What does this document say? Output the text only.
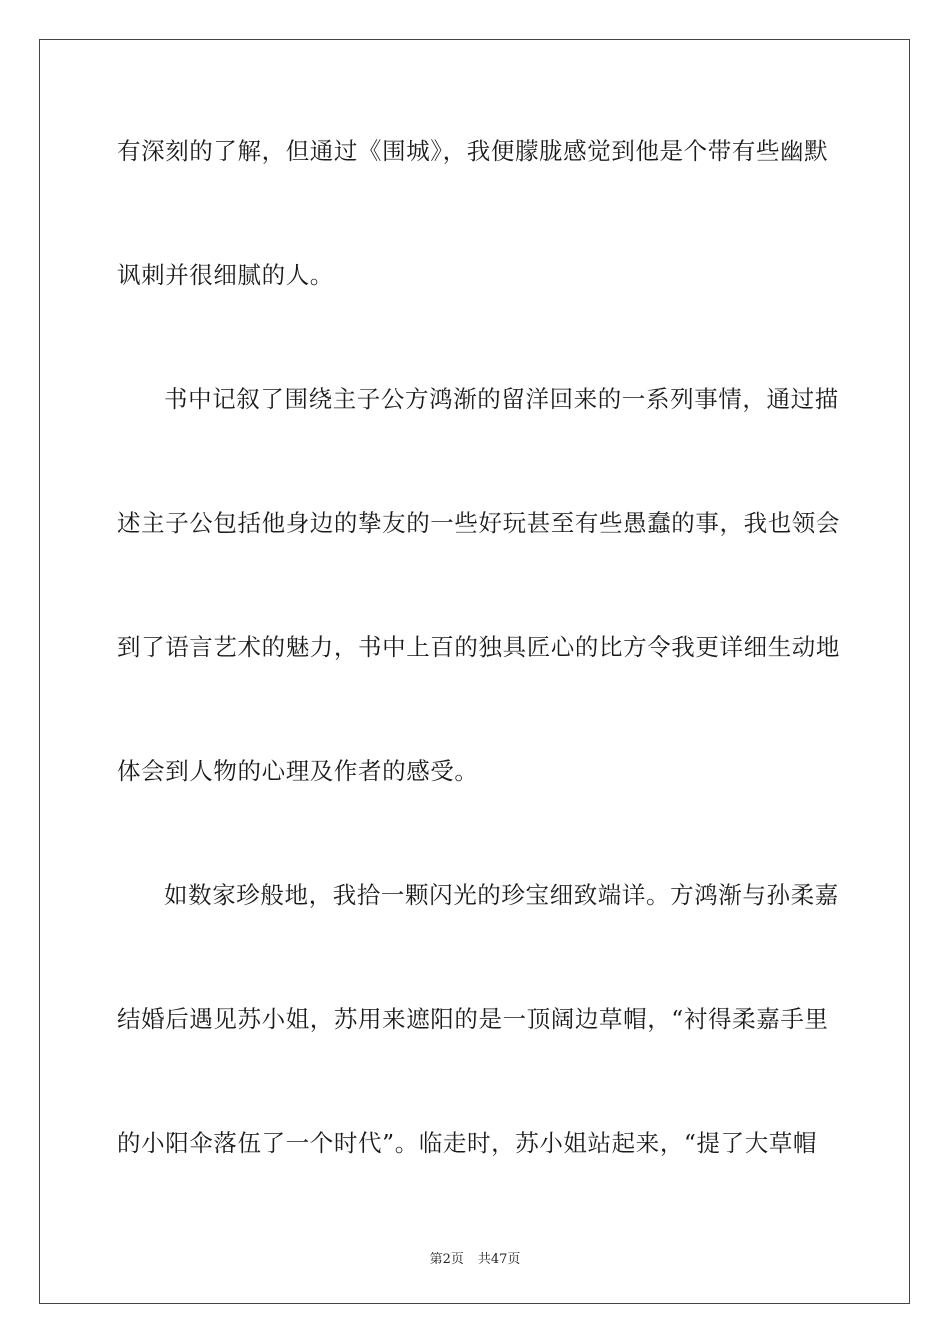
有深刻的了解，但通过《围城》，我便朦胧感觉到他是个带有些幽默
讽刺并很细腻的人。
书中记叙了围绕主子公方鸿渐的留洋回来的一系列事情，通过描
述主子公包括他身边的挚友的一些好玩甚至有些愚蠢的事，我也领会
到了语言艺术的魅力，书中上百的独具匠心的比方令我更详细生动地
体会到人物的心理及作者的感受。
如数家珍般地，我拾一颗闪光的珍宝细致端详。方鸿渐与孙柔嘉
结婚后遇见苏小姐，苏用来遮阳的是一顶阔边草帽，“衬得柔嘉手里
的小阳伞落伍了一个时代”。临走时，苏小姐站起来，“提了大草帽
第2页 共47页
